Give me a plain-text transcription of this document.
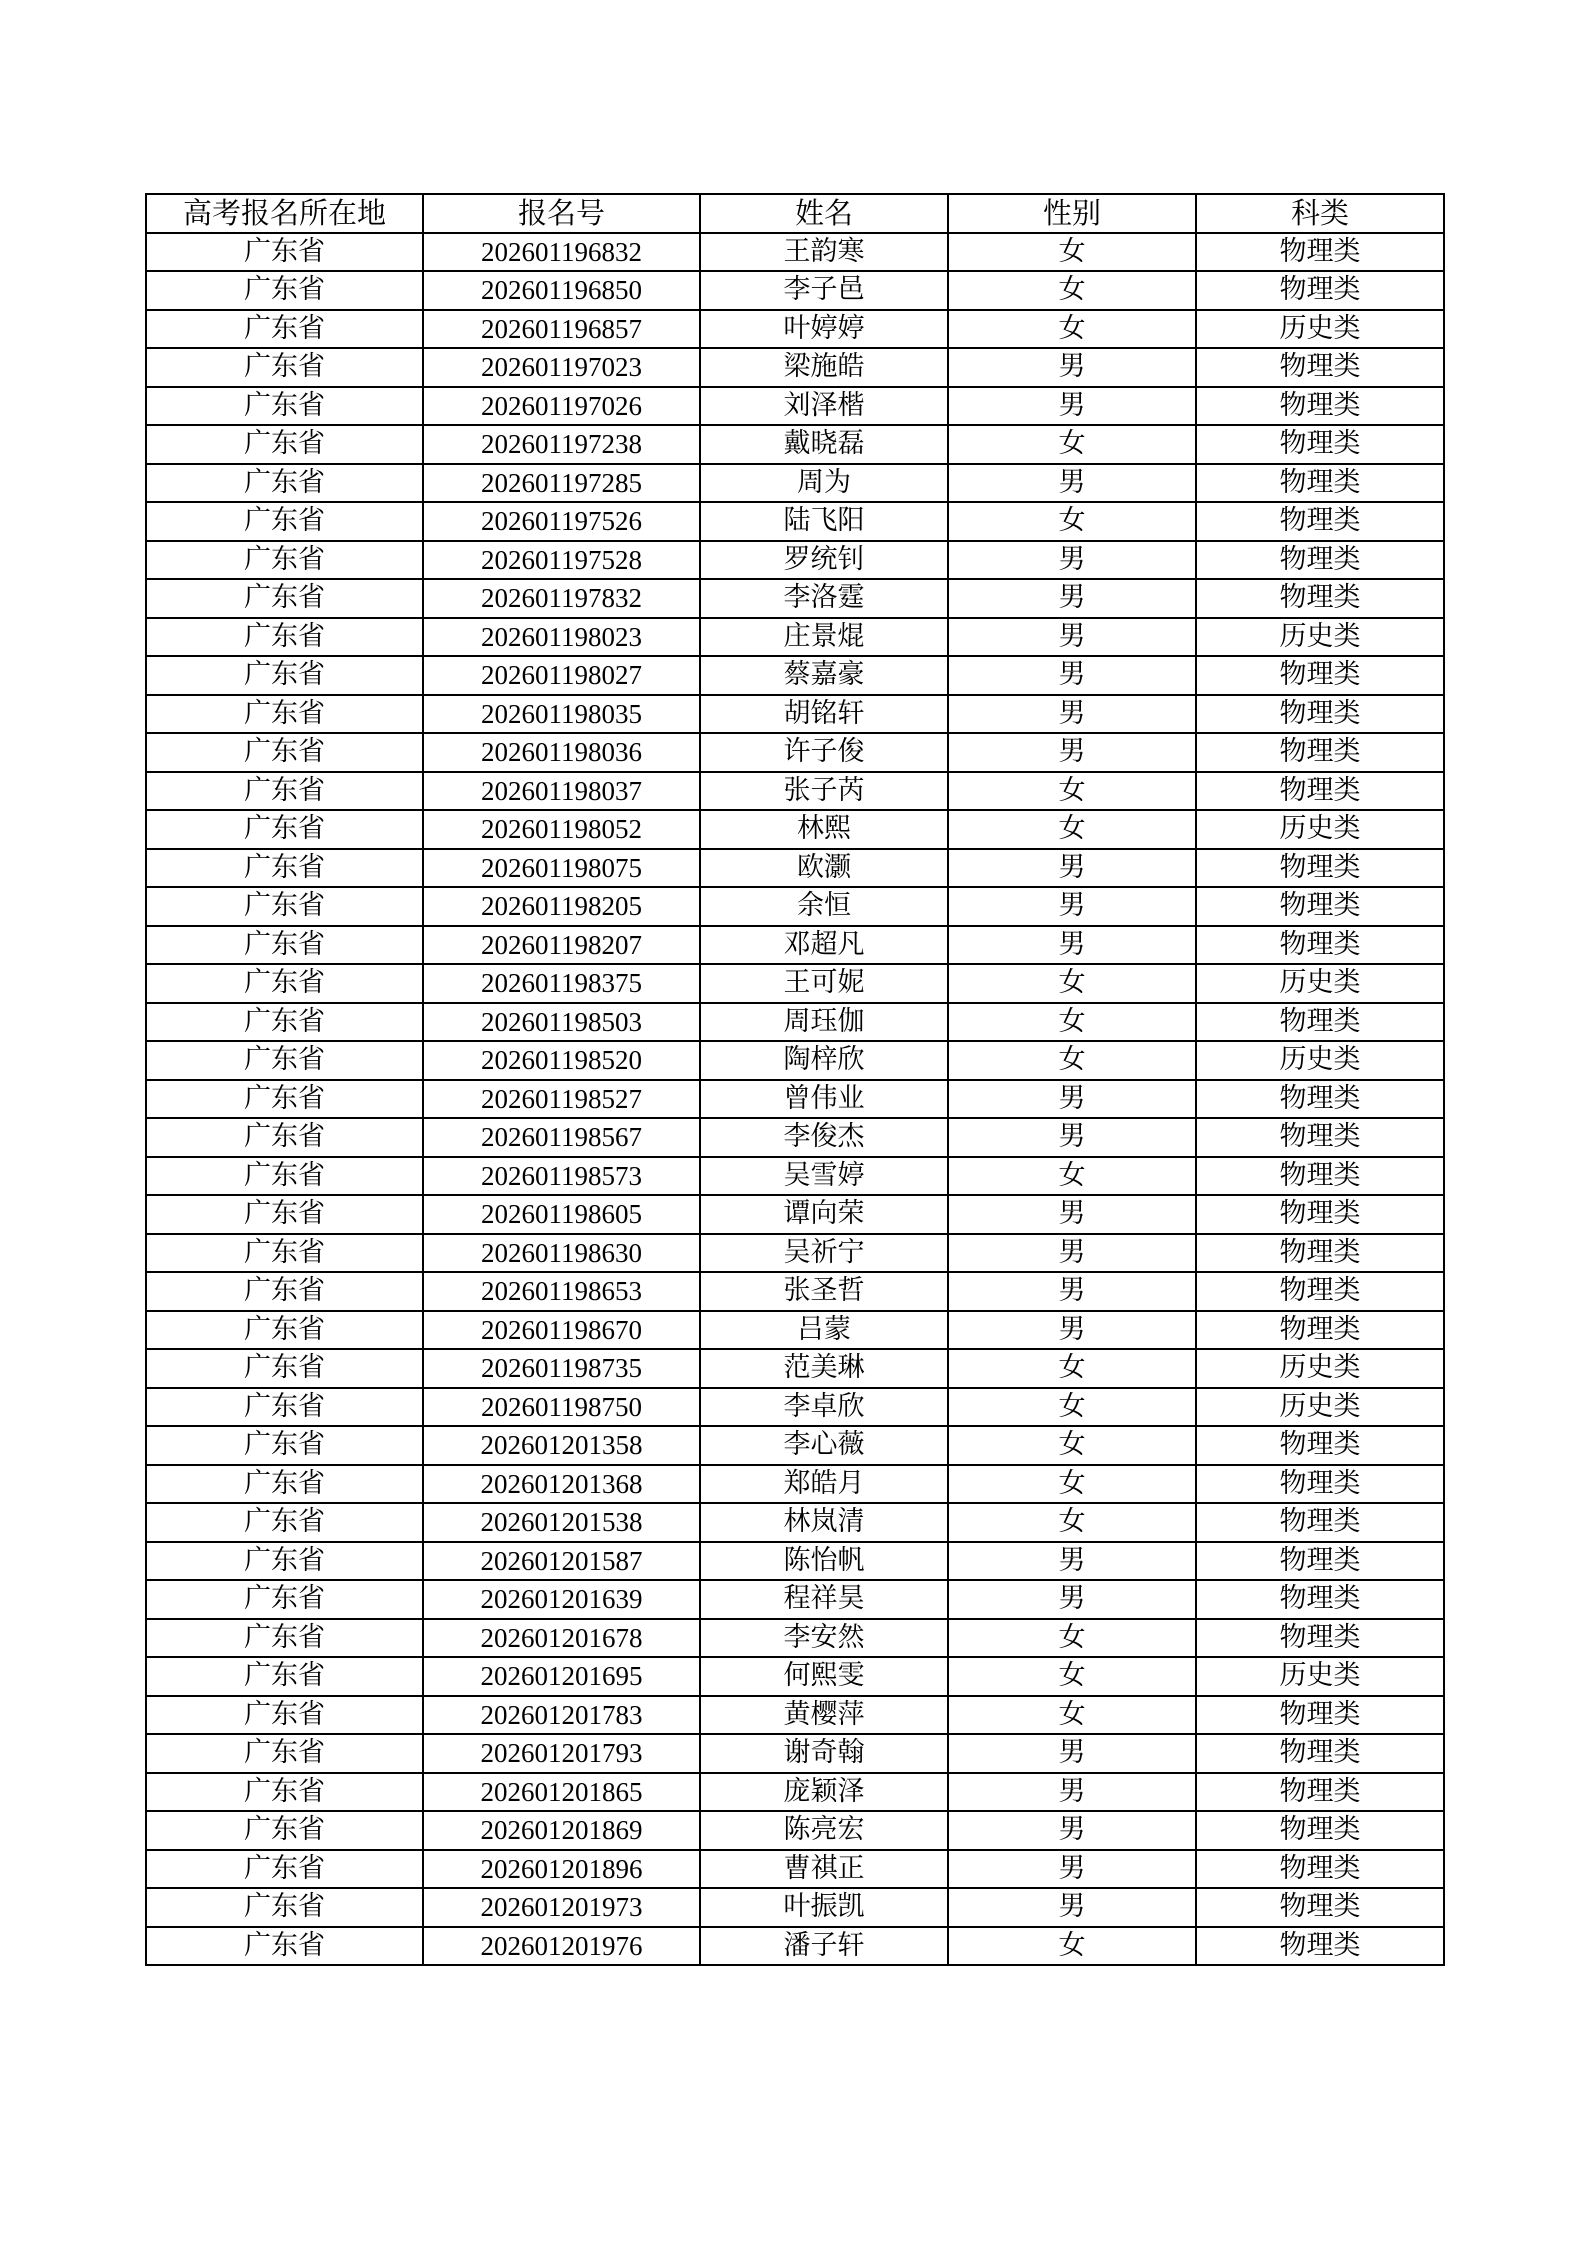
高考报名所在地	报名号	姓名	性别	科类
广东省	202601196832	王韵寒	女	物理类
广东省	202601196850	李子邑	女	物理类
广东省	202601196857	叶婷婷	女	历史类
广东省	202601197023	梁施皓	男	物理类
广东省	202601197026	刘泽楷	男	物理类
广东省	202601197238	戴晓磊	女	物理类
广东省	202601197285	周为	男	物理类
广东省	202601197526	陆飞阳	女	物理类
广东省	202601197528	罗统钊	男	物理类
广东省	202601197832	李洛霆	男	物理类
广东省	202601198023	庄景焜	男	历史类
广东省	202601198027	蔡嘉豪	男	物理类
广东省	202601198035	胡铭轩	男	物理类
广东省	202601198036	许子俊	男	物理类
广东省	202601198037	张子芮	女	物理类
广东省	202601198052	林熙	女	历史类
广东省	202601198075	欧灏	男	物理类
广东省	202601198205	余恒	男	物理类
广东省	202601198207	邓超凡	男	物理类
广东省	202601198375	王可妮	女	历史类
广东省	202601198503	周珏伽	女	物理类
广东省	202601198520	陶梓欣	女	历史类
广东省	202601198527	曾伟业	男	物理类
广东省	202601198567	李俊杰	男	物理类
广东省	202601198573	吴雪婷	女	物理类
广东省	202601198605	谭向荣	男	物理类
广东省	202601198630	吴祈宁	男	物理类
广东省	202601198653	张圣哲	男	物理类
广东省	202601198670	吕蒙	男	物理类
广东省	202601198735	范美琳	女	历史类
广东省	202601198750	李卓欣	女	历史类
广东省	202601201358	李心薇	女	物理类
广东省	202601201368	郑皓月	女	物理类
广东省	202601201538	林岚清	女	物理类
广东省	202601201587	陈怡帆	男	物理类
广东省	202601201639	程祥昊	男	物理类
广东省	202601201678	李安然	女	物理类
广东省	202601201695	何熙雯	女	历史类
广东省	202601201783	黄樱萍	女	物理类
广东省	202601201793	谢奇翰	男	物理类
广东省	202601201865	庞颖泽	男	物理类
广东省	202601201869	陈亮宏	男	物理类
广东省	202601201896	曹祺正	男	物理类
广东省	202601201973	叶振凯	男	物理类
广东省	202601201976	潘子轩	女	物理类
